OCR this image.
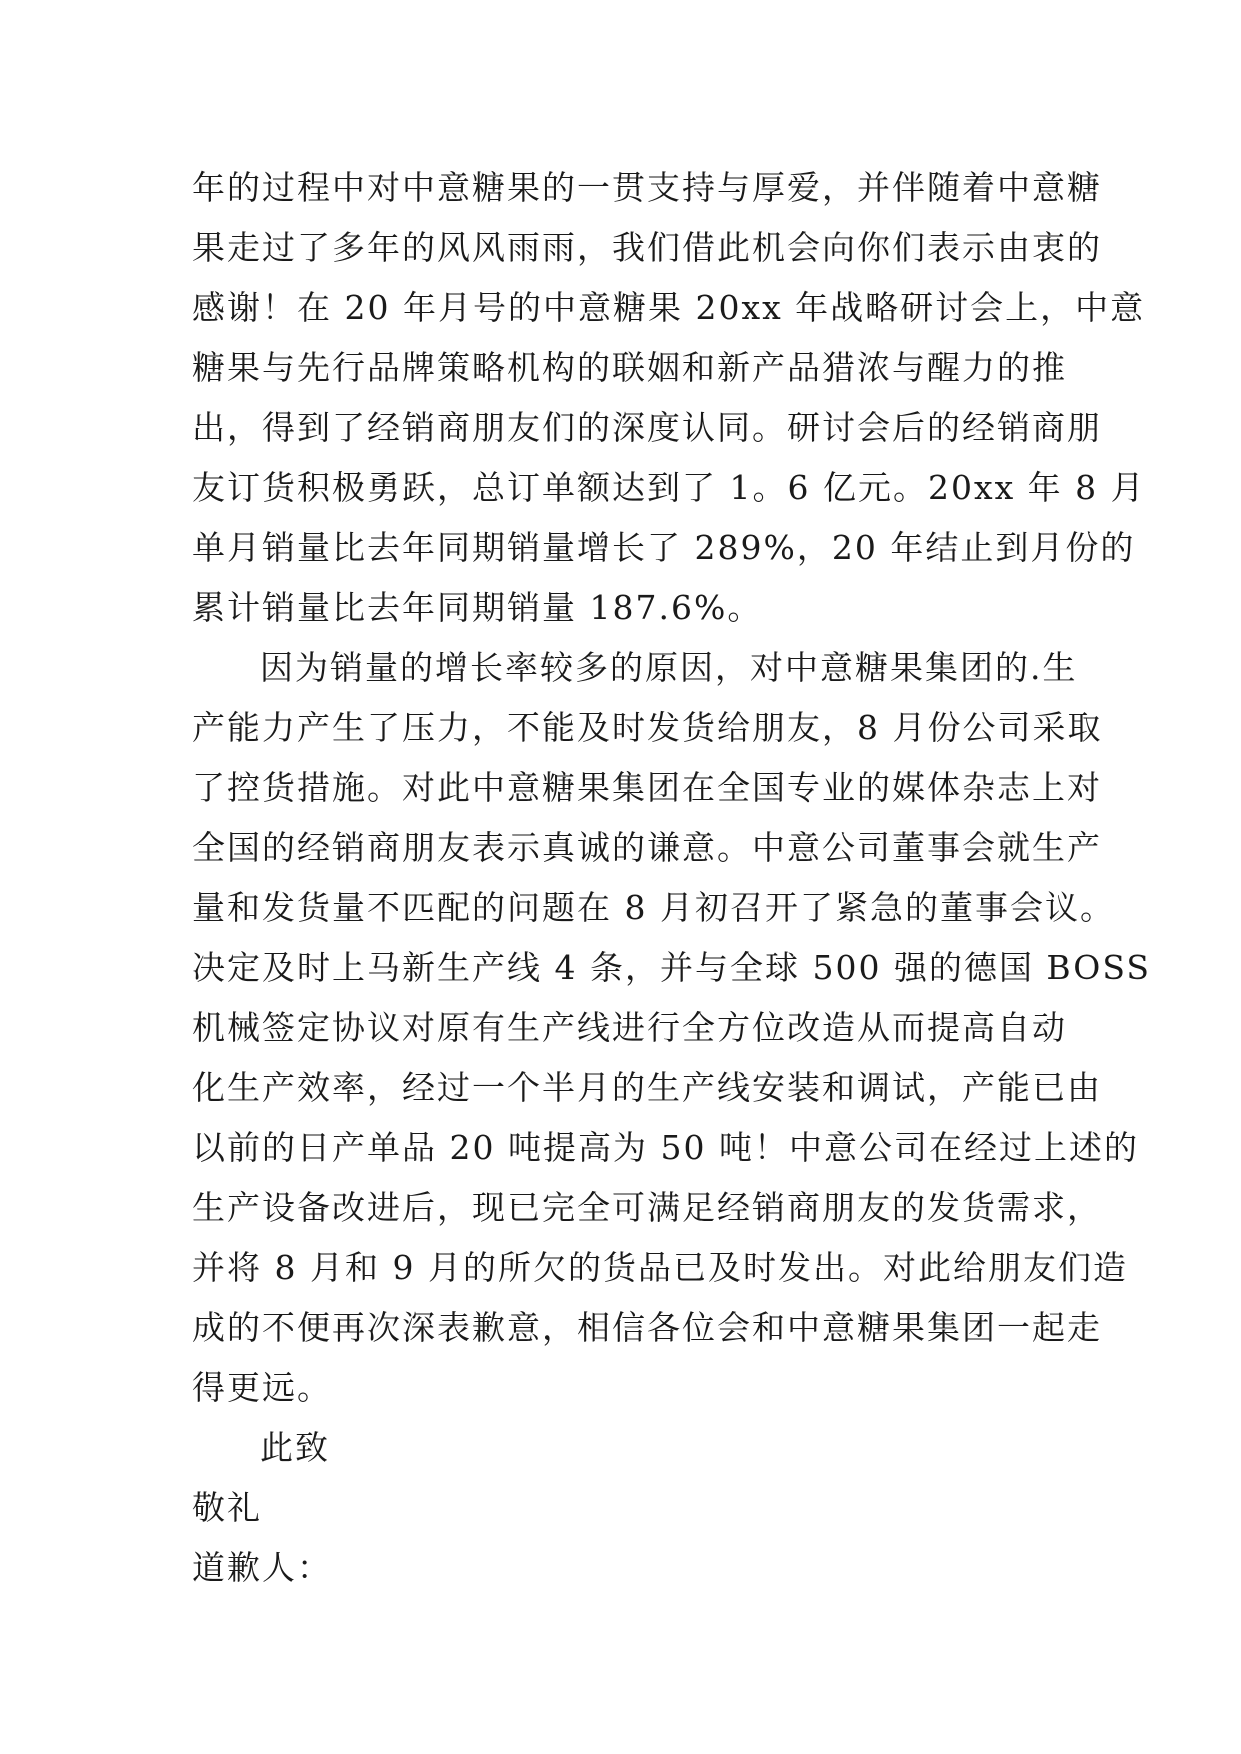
年的过程中对中意糖果的一贯支持与厚爱，并伴随着中意糖
果走过了多年的风风雨雨，我们借此机会向你们表示由衷的
感谢！在 20 年月号的中意糖果 20xx 年战略研讨会上，中意
糖果与先行品牌策略机构的联姻和新产品猎浓与醒力的推
出，得到了经销商朋友们的深度认同。研讨会后的经销商朋
友订货积极勇跃，总订单额达到了 1。6 亿元。20xx 年 8 月
单月销量比去年同期销量增长了 289%，20 年结止到月份的
累计销量比去年同期销量 187.6%。
因为销量的增长率较多的原因，对中意糖果集团的.生
产能力产生了压力，不能及时发货给朋友，8 月份公司采取
了控货措施。对此中意糖果集团在全国专业的媒体杂志上对
全国的经销商朋友表示真诚的谦意。中意公司董事会就生产
量和发货量不匹配的问题在 8 月初召开了紧急的董事会议。
决定及时上马新生产线 4 条，并与全球 500 强的德国 BOSS
机械签定协议对原有生产线进行全方位改造从而提高自动
化生产效率，经过一个半月的生产线安装和调试，产能已由
以前的日产单品 20 吨提高为 50 吨！中意公司在经过上述的
生产设备改进后，现已完全可满足经销商朋友的发货需求，
并将 8 月和 9 月的所欠的货品已及时发出。对此给朋友们造
成的不便再次深表歉意，相信各位会和中意糖果集团一起走
得更远。
此致
敬礼
道歉人：
